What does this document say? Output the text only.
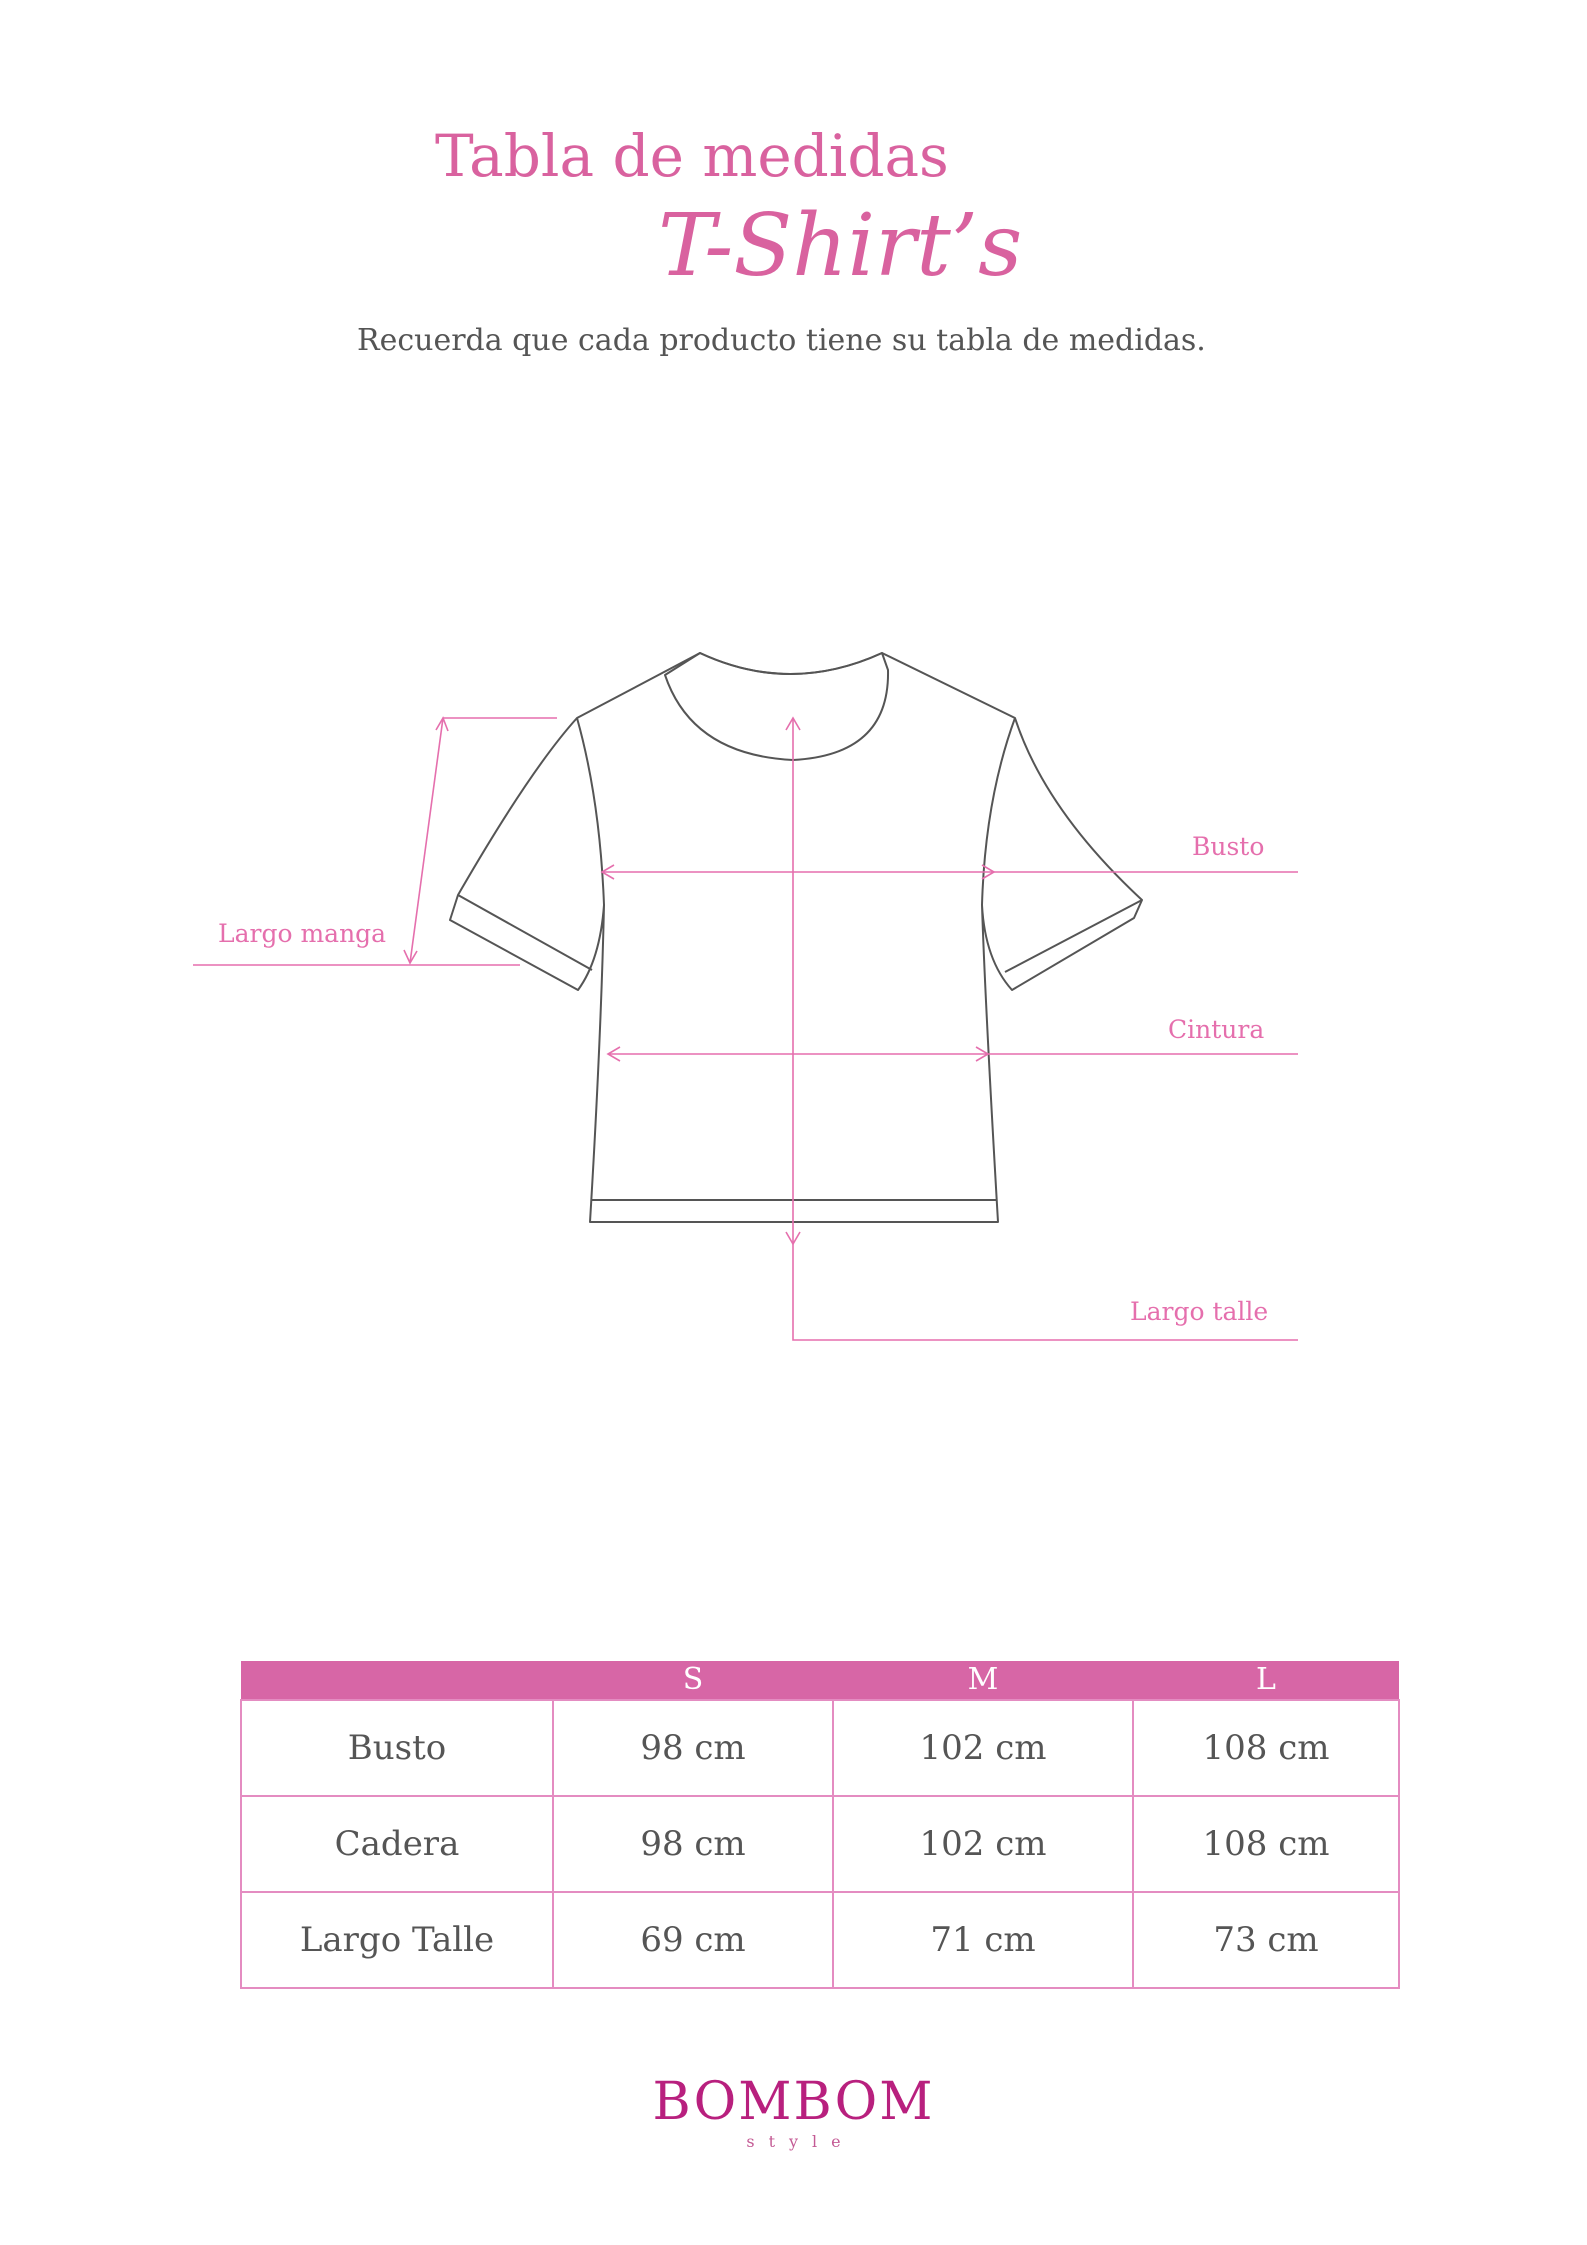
Tabla de medidas
T-Shirt’s
Recuerda que cada producto tiene su tabla de medidas.
Busto
Cintura
Largo manga
Largo talle
	S	M	L
Busto	98 cm	102 cm	108 cm
Cadera	98 cm	102 cm	108 cm
Largo Talle	69 cm	71 cm	73 cm
BOMBOM
style
